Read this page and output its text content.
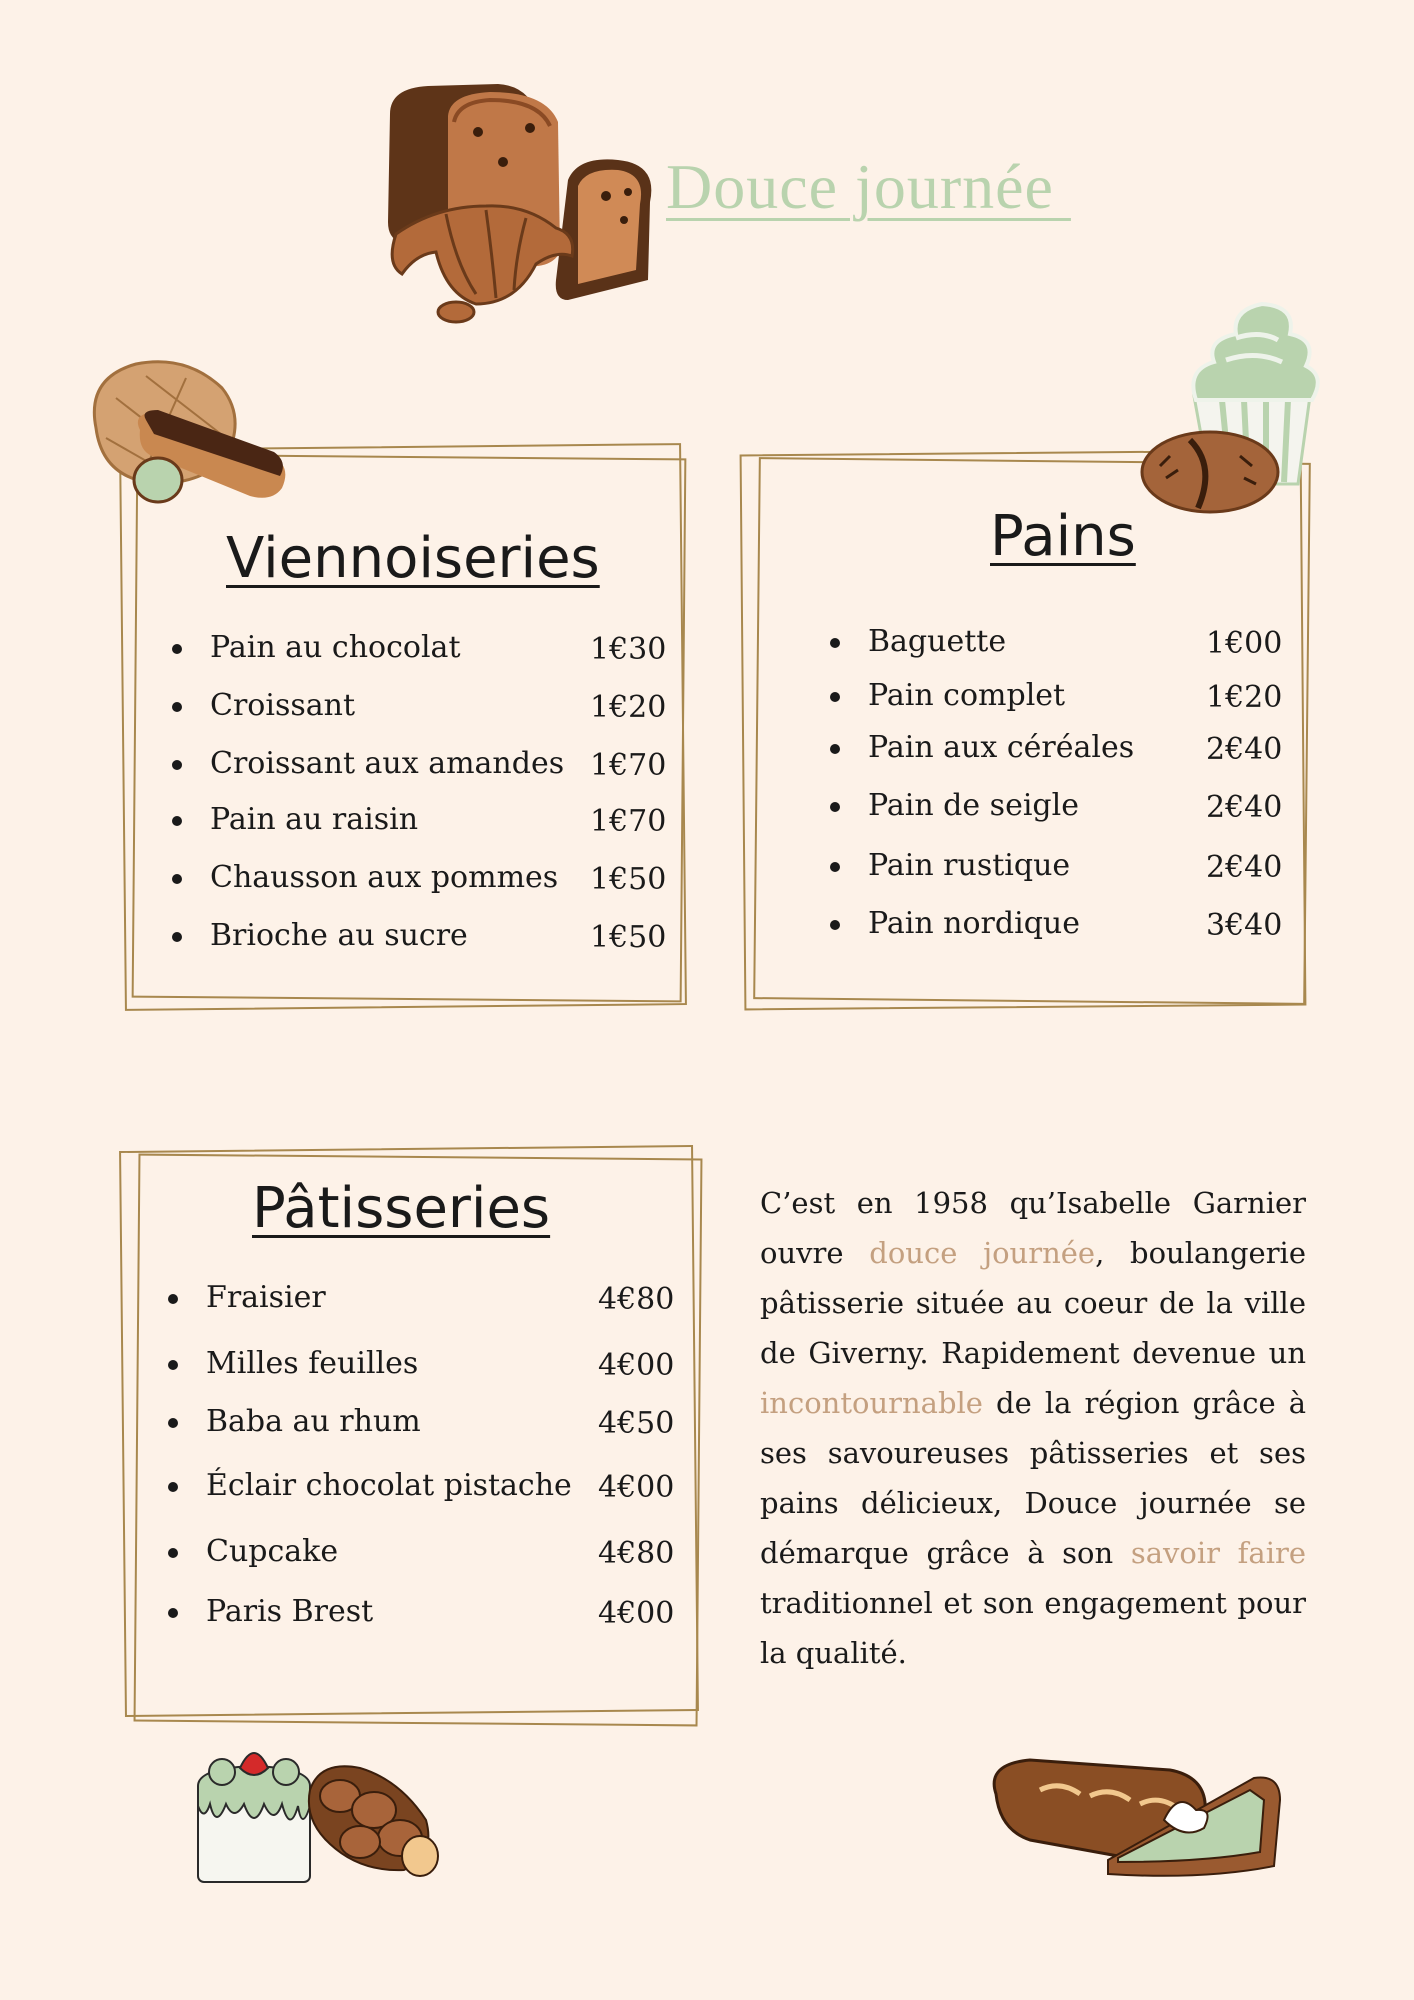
Douce journée
Viennoiseries
Pain au chocolat	1€30
Croissant	1€20
Croissant aux amandes 1€70
Pain au raisin	1€70
Chausson aux pommes 1€50
Brioche au sucre	1€50
Pains
Baguette	1€00
Pain complet	1€20
Pain aux céréales 2€40
Pain de seigle	2€40
Pain rustique	2€40
Pain nordique	3€40
Pâtisseries
Fraisier	4€80
Milles feuilles	4€00
Baba au rhum	4€50
Éclair chocolat pistache 4€00
Cupcake	4€80
Paris Brest	4€00
C’est en 1958 qu’Isabelle Garnier ouvre douce journée, boulangerie pâtisserie située au coeur de la ville de Giverny. Rapidement devenue un incontournable de la région grâce à ses savoureuses pâtisseries et ses pains délicieux, Douce journée se démarque grâce à son savoir faire traditionnel et son engagement pour la qualité.
